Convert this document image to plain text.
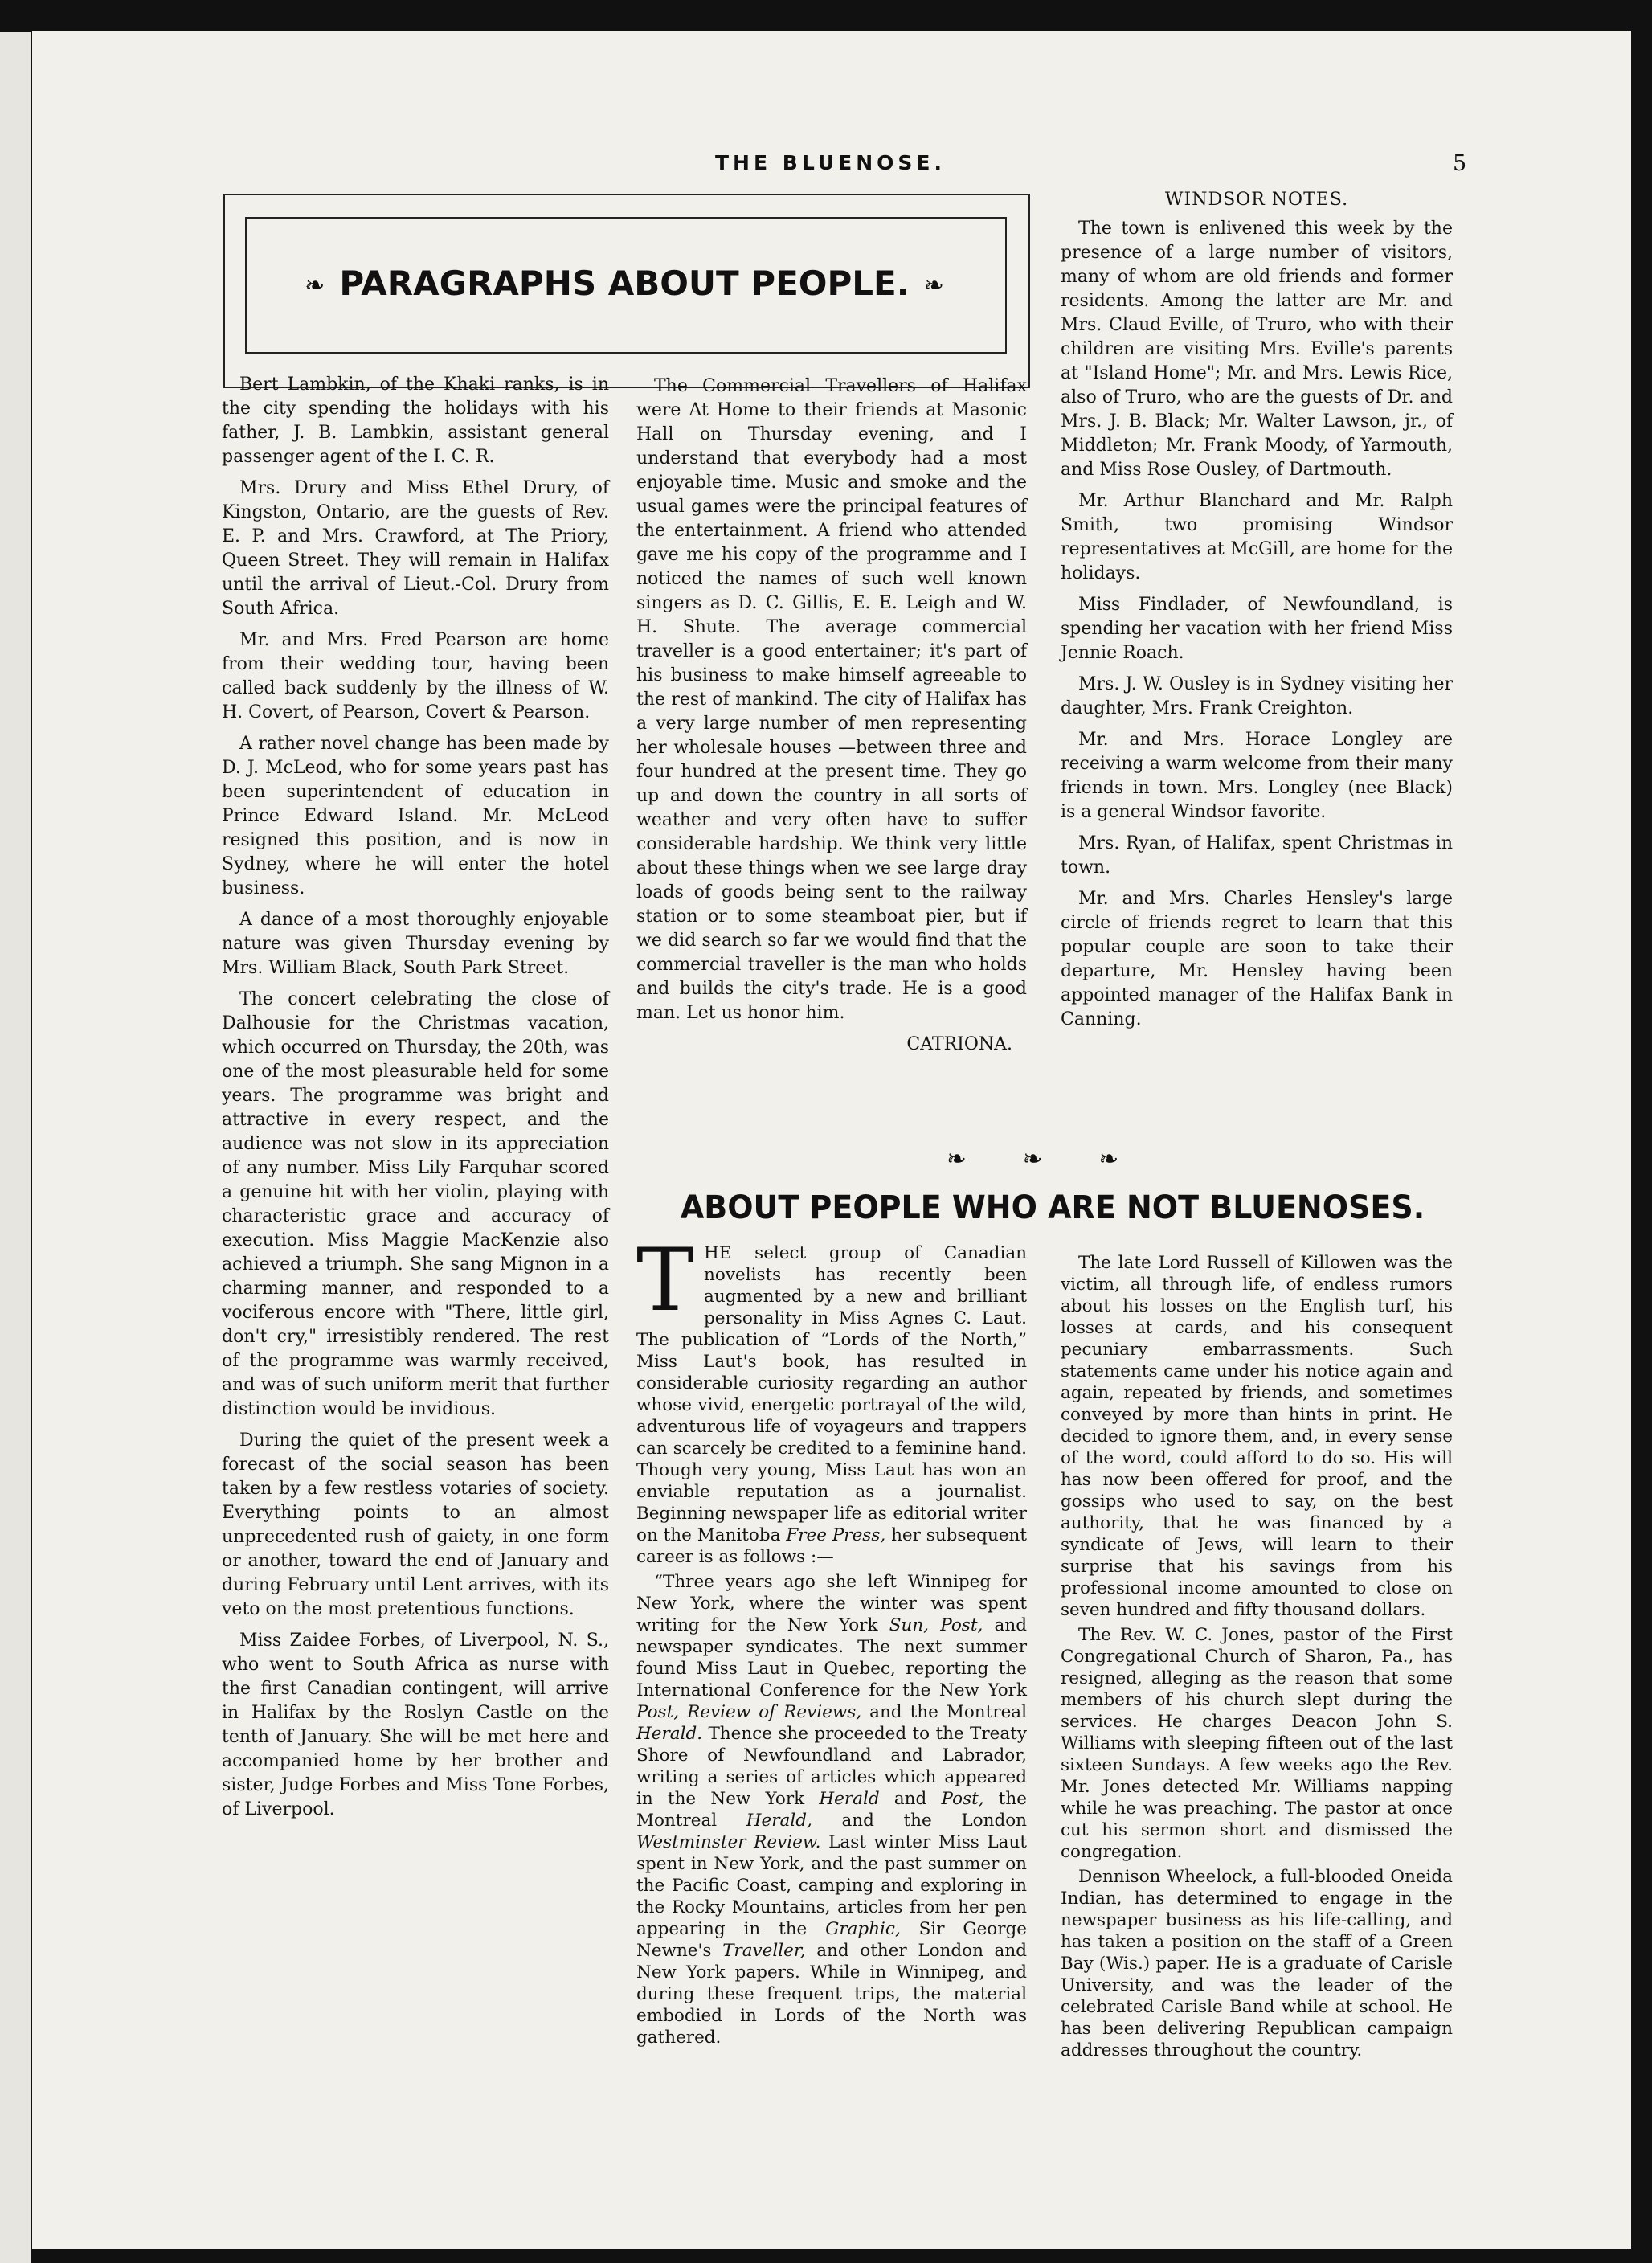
THE BLUENOSE.	5
❧ PARAGRAPHS ABOUT PEOPLE. ❧

Bert Lambkin, of the Khaki ranks, is in the city spending the holidays with his father, J. B. Lambkin, assistant general passenger agent of the I. C. R.

Mrs. Drury and Miss Ethel Drury, of Kingston, Ontario, are the guests of Rev. E. P. and Mrs. Crawford, at The Priory, Queen Street. They will remain in Halifax until the arrival of Lieut.-Col. Drury from South Africa.

Mr. and Mrs. Fred Pearson are home from their wedding tour, having been called back suddenly by the illness of W. H. Covert, of Pearson, Covert & Pearson.

A rather novel change has been made by D. J. McLeod, who for some years past has been superintendent of education in Prince Edward Island. Mr. McLeod resigned this position, and is now in Sydney, where he will enter the hotel business.

A dance of a most thoroughly enjoyable nature was given Thursday evening by Mrs. William Black, South Park Street.

The concert celebrating the close of Dalhousie for the Christmas vacation, which occurred on Thursday, the 20th, was one of the most pleasurable held for some years. The programme was bright and attractive in every respect, and the audience was not slow in its appreciation of any number. Miss Lily Farquhar scored a genuine hit with her violin, playing with characteristic grace and accuracy of execution. Miss Maggie MacKenzie also achieved a triumph. She sang Mignon in a charming manner, and responded to a vociferous encore with "There, little girl, don't cry," irresistibly rendered. The rest of the programme was warmly received, and was of such uniform merit that further distinction would be invidious.

During the quiet of the present week a forecast of the social season has been taken by a few restless votaries of society. Everything points to an almost unprecedented rush of gaiety, in one form or another, toward the end of January and during February until Lent arrives, with its veto on the most pretentious functions.

Miss Zaidee Forbes, of Liverpool, N. S., who went to South Africa as nurse with the first Canadian contingent, will arrive in Halifax by the Roslyn Castle on the tenth of January. She will be met here and accompanied home by her brother and sister, Judge Forbes and Miss Tone Forbes, of Liverpool.

The Commercial Travellers of Halifax were At Home to their friends at Masonic Hall on Thursday evening, and I understand that everybody had a most enjoyable time. Music and smoke and the usual games were the principal features of the entertainment. A friend who attended gave me his copy of the programme and I noticed the names of such well known singers as D. C. Gillis, E. E. Leigh and W. H. Shute. The average commercial traveller is a good entertainer; it's part of his business to make himself agreeable to the rest of mankind. The city of Halifax has a very large number of men representing her wholesale houses —between three and four hundred at the present time. They go up and down the country in all sorts of weather and very often have to suffer considerable hardship. We think very little about these things when we see large dray loads of goods being sent to the railway station or to some steamboat pier, but if we did search so far we would find that the commercial traveller is the man who holds and builds the city's trade. He is a good man. Let us honor him.

CATRIONA.

WINDSOR NOTES.

The town is enlivened this week by the presence of a large number of visitors, many of whom are old friends and former residents. Among the latter are Mr. and Mrs. Claud Eville, of Truro, who with their children are visiting Mrs. Eville's parents at "Island Home"; Mr. and Mrs. Lewis Rice, also of Truro, who are the guests of Dr. and Mrs. J. B. Black; Mr. Walter Lawson, jr., of Middleton; Mr. Frank Moody, of Yarmouth, and Miss Rose Ousley, of Dartmouth.

Mr. Arthur Blanchard and Mr. Ralph Smith, two promising Windsor representatives at McGill, are home for the holidays.

Miss Findlader, of Newfoundland, is spending her vacation with her friend Miss Jennie Roach.

Mrs. J. W. Ousley is in Sydney visiting her daughter, Mrs. Frank Creighton.

Mr. and Mrs. Horace Longley are receiving a warm welcome from their many friends in town. Mrs. Longley (nee Black) is a general Windsor favorite.

Mrs. Ryan, of Halifax, spent Christmas in town.

Mr. and Mrs. Charles Hensley's large circle of friends regret to learn that this popular couple are soon to take their departure, Mr. Hensley having been appointed manager of the Halifax Bank in Canning.

❧ ❧ ❧
ABOUT PEOPLE WHO ARE NOT BLUENOSES.

THE select group of Canadian novelists has recently been augmented by a new and brilliant personality in Miss Agnes C. Laut. The publication of “Lords of the North,” Miss Laut's book, has resulted in considerable curiosity regarding an author whose vivid, energetic portrayal of the wild, adventurous life of voyageurs and trappers can scarcely be credited to a feminine hand. Though very young, Miss Laut has won an enviable reputation as a journalist. Beginning newspaper life as editorial writer on the Manitoba Free Press, her subsequent career is as follows :—

“Three years ago she left Winnipeg for New York, where the winter was spent writing for the New York Sun, Post, and newspaper syndicates. The next summer found Miss Laut in Quebec, reporting the International Conference for the New York Post, Review of Reviews, and the Montreal Herald. Thence she proceeded to the Treaty Shore of Newfoundland and Labrador, writing a series of articles which appeared in the New York Herald and Post, the Montreal Herald, and the London Westminster Review. Last winter Miss Laut spent in New York, and the past summer on the Pacific Coast, camping and exploring in the Rocky Mountains, articles from her pen appearing in the Graphic, Sir George Newne's Traveller, and other London and New York papers. While in Winnipeg, and during these frequent trips, the material embodied in Lords of the North was gathered.

The late Lord Russell of Killowen was the victim, all through life, of endless rumors about his losses on the English turf, his losses at cards, and his consequent pecuniary embarrassments. Such statements came under his notice again and again, repeated by friends, and sometimes conveyed by more than hints in print. He decided to ignore them, and, in every sense of the word, could afford to do so. His will has now been offered for proof, and the gossips who used to say, on the best authority, that he was financed by a syndicate of Jews, will learn to their surprise that his savings from his professional income amounted to close on seven hundred and fifty thousand dollars.

The Rev. W. C. Jones, pastor of the First Congregational Church of Sharon, Pa., has resigned, alleging as the reason that some members of his church slept during the services. He charges Deacon John S. Williams with sleeping fifteen out of the last sixteen Sundays. A few weeks ago the Rev. Mr. Jones detected Mr. Williams napping while he was preaching. The pastor at once cut his sermon short and dismissed the congregation.

Dennison Wheelock, a full-blooded Oneida Indian, has determined to engage in the newspaper business as his life-calling, and has taken a position on the staff of a Green Bay (Wis.) paper. He is a graduate of Carisle University, and was the leader of the celebrated Carisle Band while at school. He has been delivering Republican campaign addresses throughout the country.
